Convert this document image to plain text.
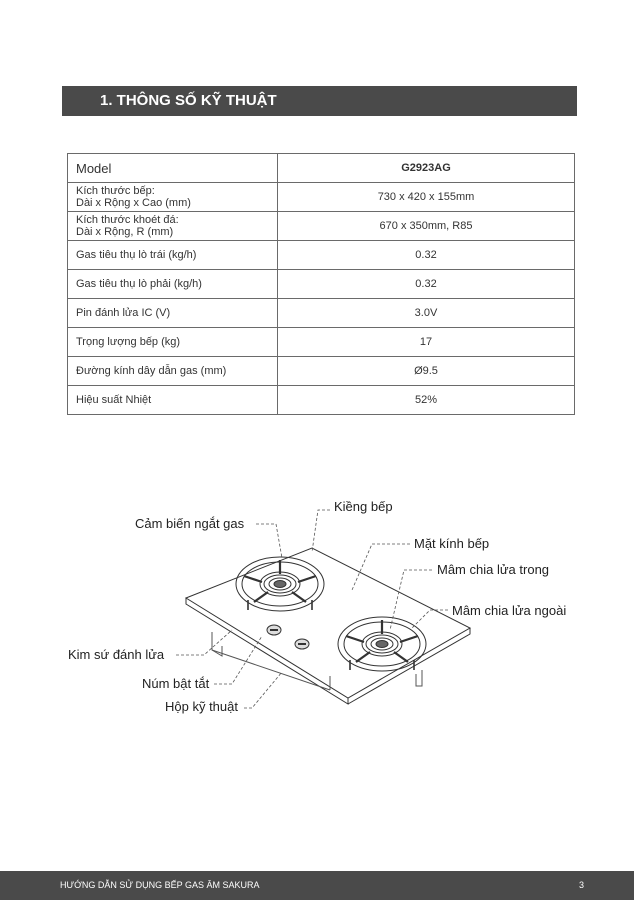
1. THÔNG SỐ KỸ THUẬT
Model	G2923AG

Kích thước bếp:
Dài x Rộng x Cao (mm)	730 x 420 x 155mm

Kích thước khoét đá:
Dài x Rộng, R (mm)	670 x 350mm, R85
Gas tiêu thụ lò trái (kg/h)	0.32
Gas tiêu thụ lò phải (kg/h)	0.32
Pin đánh lửa IC (V)	3.0V
Trọng lượng bếp (kg)	17
Đường kính dây dẫn gas (mm)	Ø9.5
Hiệu suất Nhiệt	52%
Kiềng bếp
Cảm biến ngắt gas
Mặt kính bếp
Mâm chia lửa trong
Mâm chia lửa ngoài
Kim sứ đánh lửa
Núm bật tắt
Hộp kỹ thuật
HƯỚNG DẪN SỬ DỤNG BẾP GAS ÂM SAKURA	3
